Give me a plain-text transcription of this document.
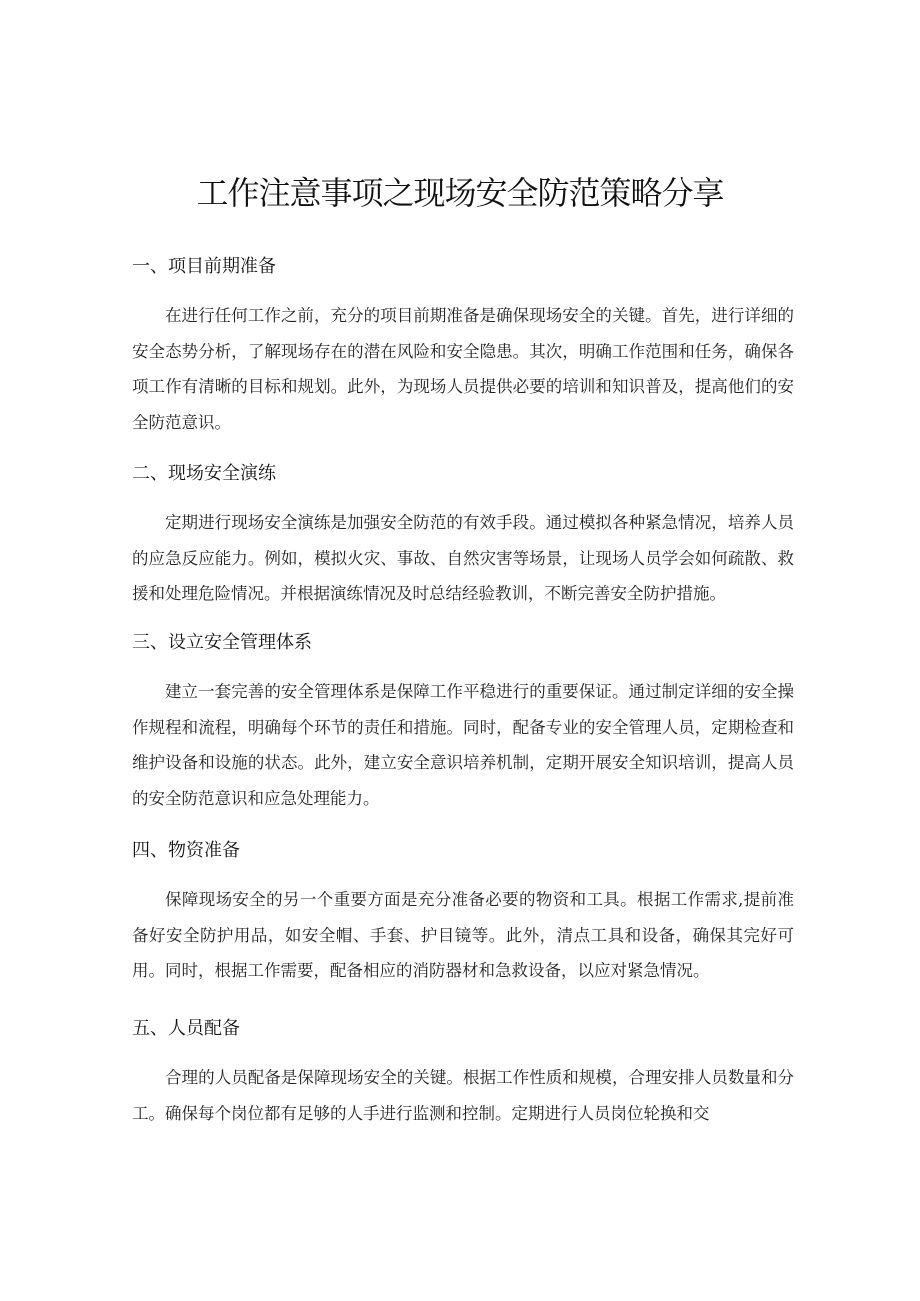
工作注意事项之现场安全防范策略分享
一、项目前期准备

在进行任何工作之前，充分的项目前期准备是确保现场安全的关键。首先，进行详细的安全态势分析，了解现场存在的潜在风险和安全隐患。其次，明确工作范围和任务，确保各项工作有清晰的目标和规划。此外，为现场人员提供必要的培训和知识普及，提高他们的安全防范意识。

二、现场安全演练

定期进行现场安全演练是加强安全防范的有效手段。通过模拟各种紧急情况，培养人员的应急反应能力。例如，模拟火灾、事故、自然灾害等场景，让现场人员学会如何疏散、救援和处理危险情况。并根据演练情况及时总结经验教训，不断完善安全防护措施。

三、设立安全管理体系

建立一套完善的安全管理体系是保障工作平稳进行的重要保证。通过制定详细的安全操作规程和流程，明确每个环节的责任和措施。同时，配备专业的安全管理人员，定期检查和维护设备和设施的状态。此外，建立安全意识培养机制，定期开展安全知识培训，提高人员的安全防范意识和应急处理能力。

四、物资准备

保障现场安全的另一个重要方面是充分准备必要的物资和工具。根据工作需求,提前准备好安全防护用品，如安全帽、手套、护目镜等。此外，清点工具和设备，确保其完好可用。同时，根据工作需要，配备相应的消防器材和急救设备，以应对紧急情况。

五、人员配备

合理的人员配备是保障现场安全的关键。根据工作性质和规模，合理安排人员数量和分工。确保每个岗位都有足够的人手进行监测和控制。定期进行人员岗位轮换和交
